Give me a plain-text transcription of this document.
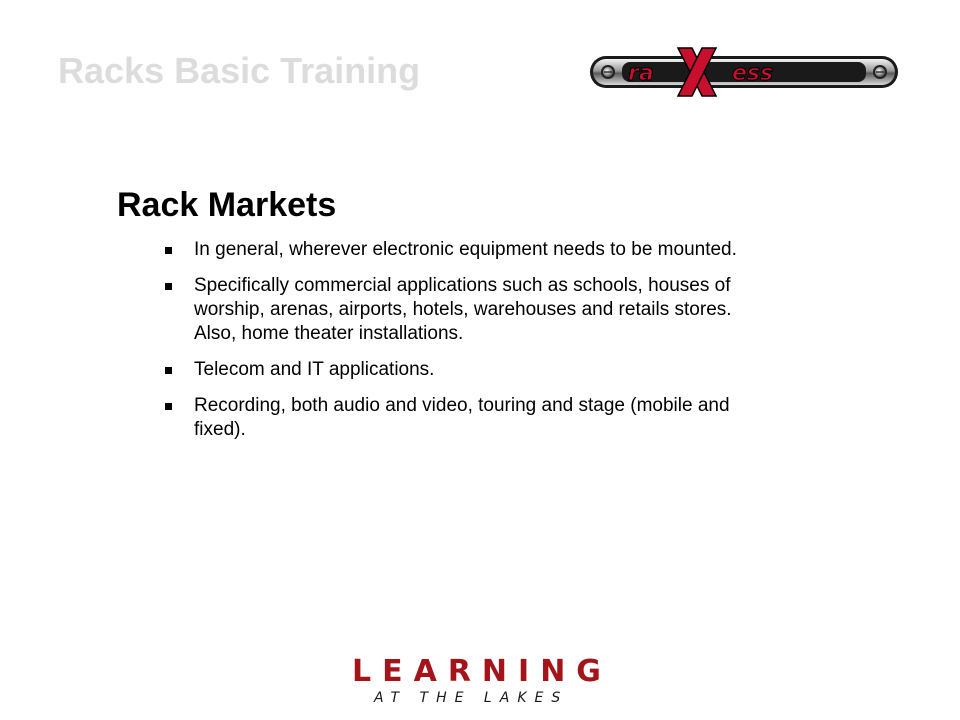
Racks Basic Training	ra	ess
Rack Markets
In general, wherever electronic equipment needs to be mounted.
Specifically commercial applications such as schools, houses of worship, arenas, airports, hotels, warehouses and retails stores. Also, home theater installations.
Telecom and IT applications.
Recording, both audio and video, touring and stage (mobile and fixed).
LEARNING
AT THE LAKES
